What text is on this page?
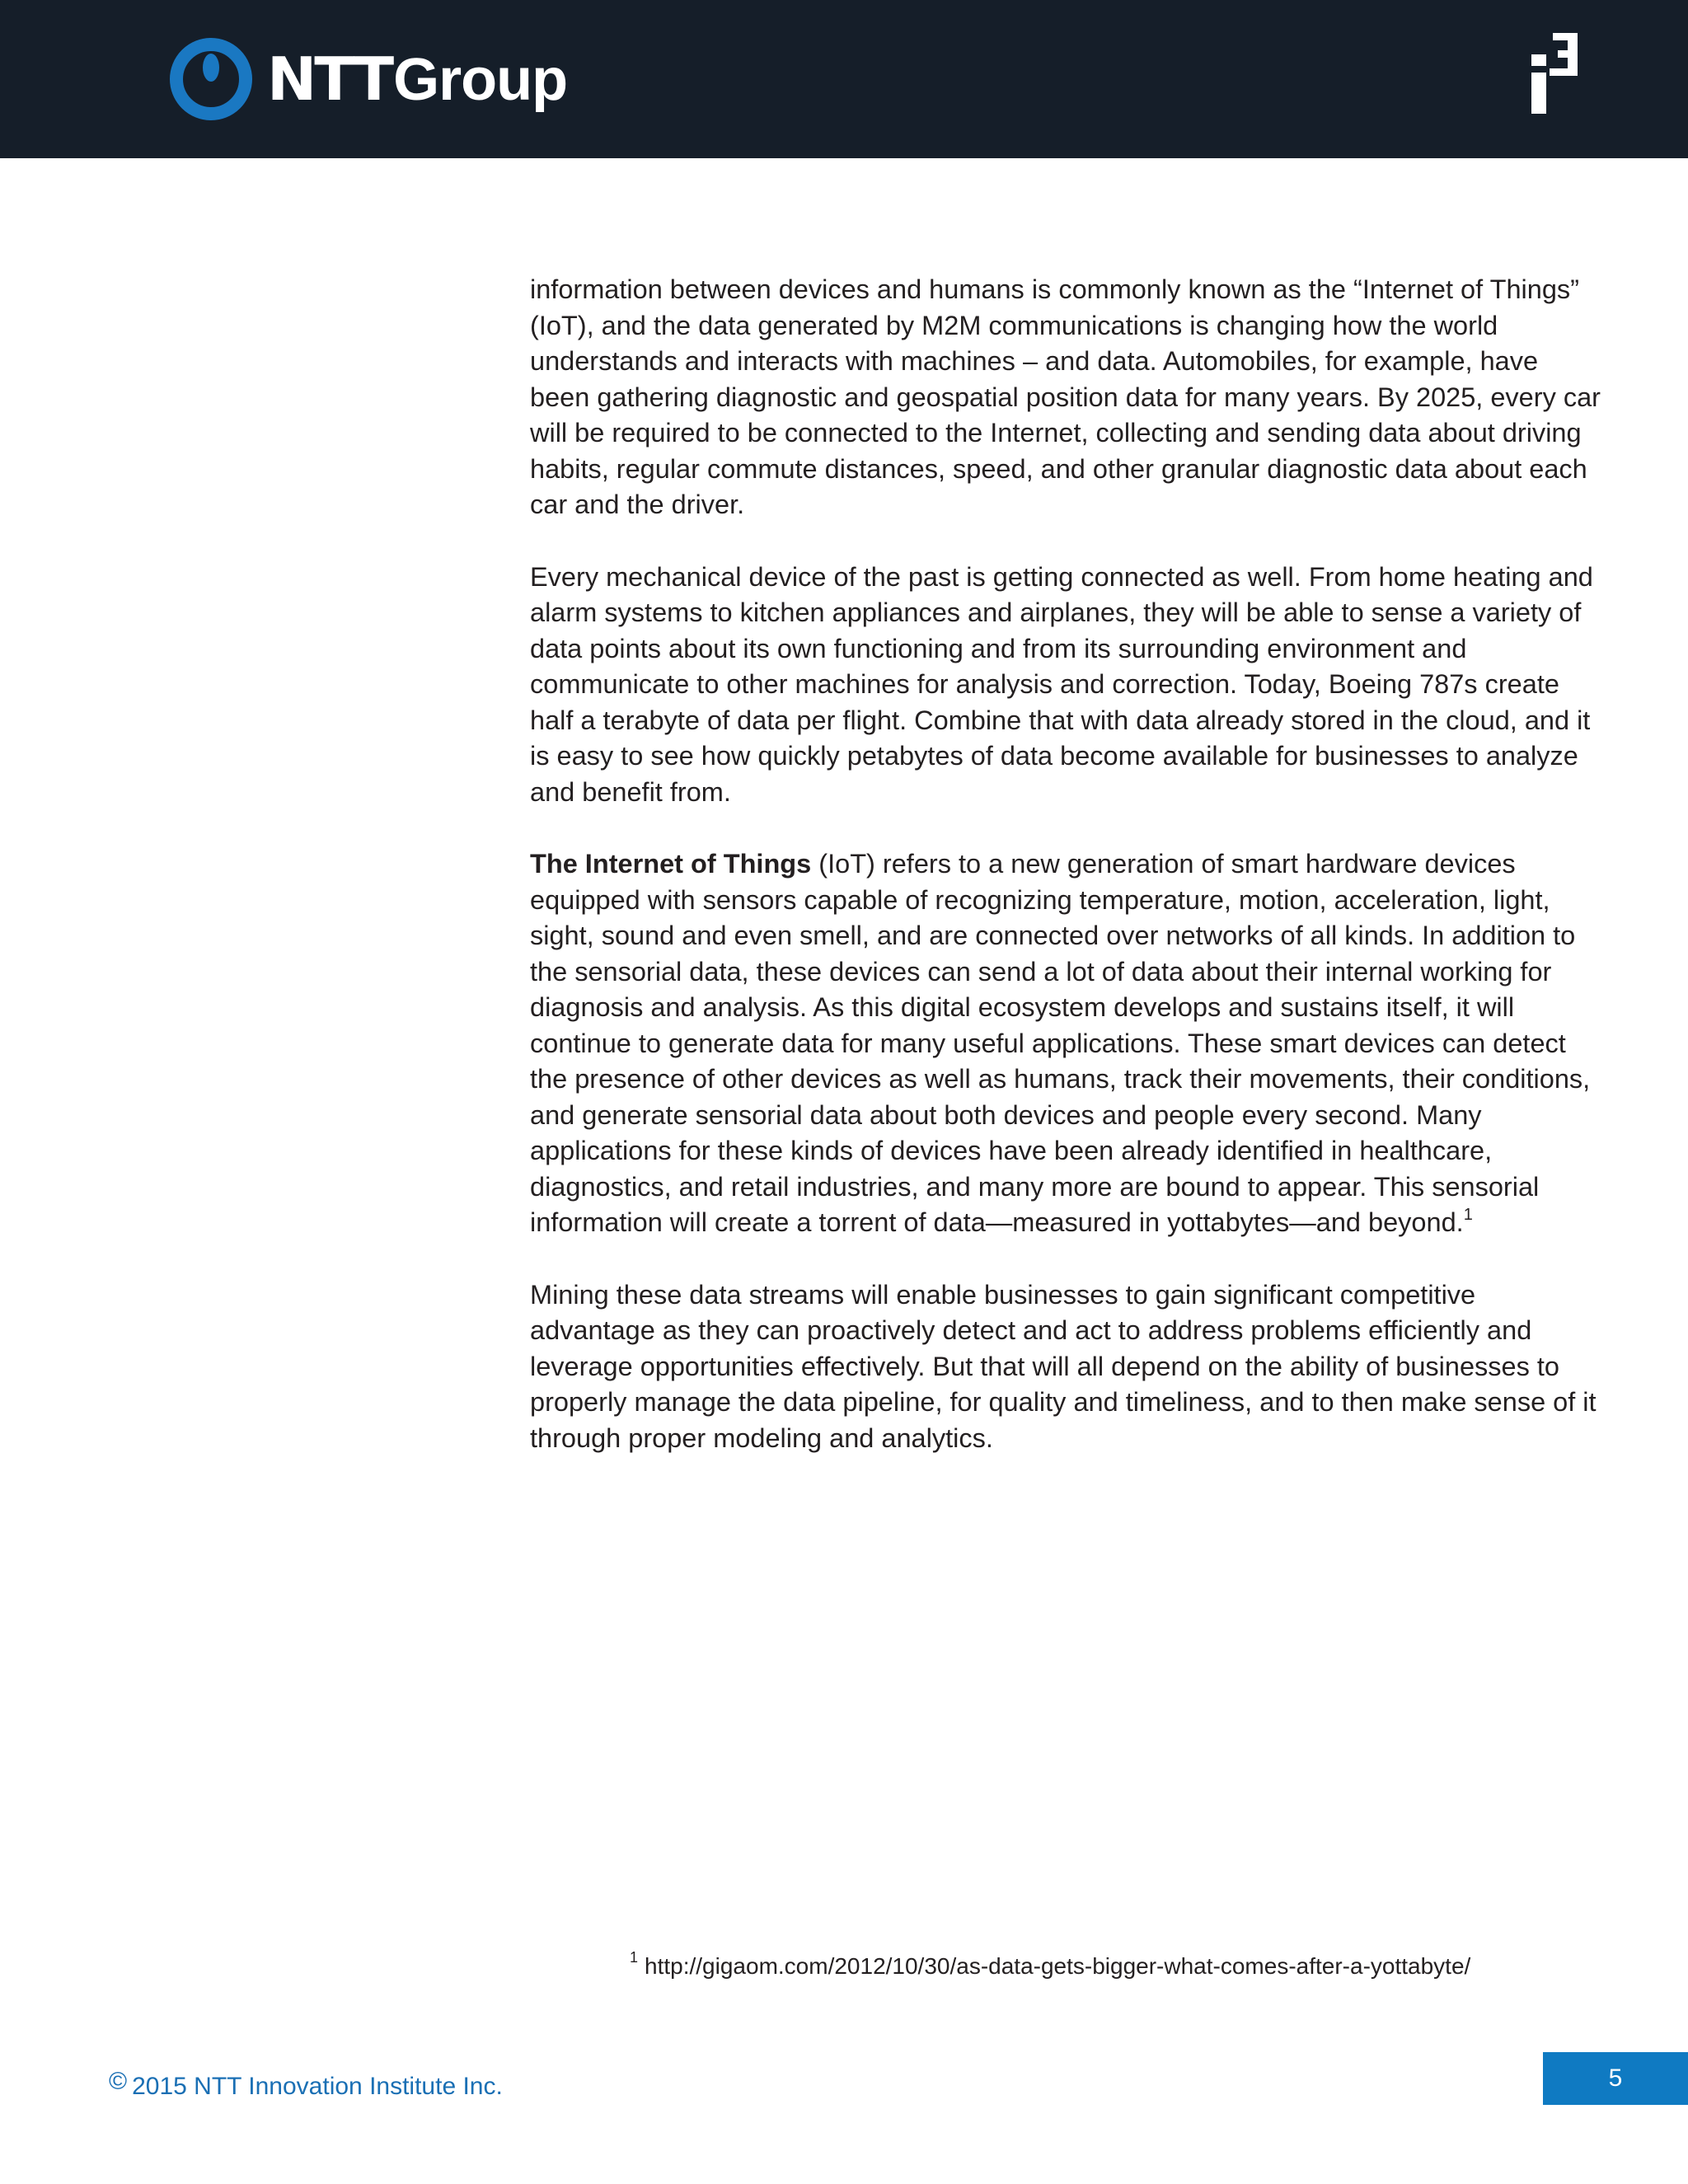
NTTGroup

information between devices and humans is commonly known as the “Internet of Things” (IoT), and the data generated by M2M communications is changing how the world understands and interacts with machines – and data. Automobiles, for example, have been gathering diagnostic and geospatial position data for many years. By 2025, every car will be required to be connected to the Internet, collecting and sending data about driving habits, regular commute distances, speed, and other granular diagnostic data about each car and the driver.

Every mechanical device of the past is getting connected as well. From home heating and alarm systems to kitchen appliances and airplanes, they will be able to sense a variety of data points about its own functioning and from its surrounding environment and communicate to other machines for analysis and correction. Today, Boeing 787s create half a terabyte of data per flight. Combine that with data already stored in the cloud, and it is easy to see how quickly petabytes of data become available for businesses to analyze and benefit from.

The Internet of Things (IoT) refers to a new generation of smart hardware devices equipped with sensors capable of recognizing temperature, motion, acceleration, light, sight, sound and even smell, and are connected over networks of all kinds. In addition to the sensorial data, these devices can send a lot of data about their internal working for diagnosis and analysis. As this digital ecosystem develops and sustains itself, it will continue to generate data for many useful applications. These smart devices can detect the presence of other devices as well as humans, track their movements, their conditions, and generate sensorial data about both devices and people every second. Many applications for these kinds of devices have been already identified in healthcare, diagnostics, and retail industries, and many more are bound to appear. This sensorial information will create a torrent of data—measured in yottabytes—and beyond.$^1$

Mining these data streams will enable businesses to gain significant competitive advantage as they can proactively detect and act to address problems efficiently and leverage opportunities effectively. But that will all depend on the ability of businesses to properly manage the data pipeline, for quality and timeliness, and to then make sense of it through proper modeling and analytics.

$^1$ http://gigaom.com/2012/10/30/as-data-gets-bigger-what-comes-after-a-yottabyte/
© 2015 NTT Innovation Institute Inc.	5
